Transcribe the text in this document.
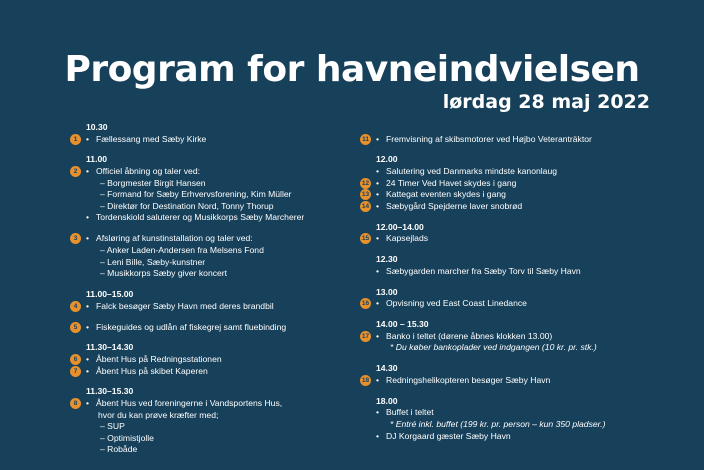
Program for havneindvielsen
lørdag 28 maj 2022
10.30
1	• Fællessang med Sæby Kirke
11.00
2	• Officiel åbning og taler ved:
– Borgmester Birgit Hansen
– Formand for Sæby Erhvervsforening, Kim Müller
– Direktør for Destination Nord, Tonny Thorup
• Tordenskiold saluterer og Musikkorps Sæby Marcherer
3	• Afsløring af kunstinstallation og taler ved:
– Anker Laden-Andersen fra Melsens Fond
– Leni Bille, Sæby-kunstner
– Musikkorps Sæby giver koncert
11.00–15.00
4	• Falck besøger Sæby Havn med deres brandbil
5	• Fiskeguides og udlån af fiskegrej samt fluebinding
11.30–14.30
6	• Åbent Hus på Redningsstationen
7	• Åbent Hus på skibet Kaperen
11.30–15.30
8	• Åbent Hus ved foreningerne i Vandsportens Hus,
hvor du kan prøve kræfter med;
– SUP
– Optimistjolle
– Robåde
11 • Fremvisning af skibsmotorer ved Højbo Veteranträktor
12.00
• Salutering ved Danmarks mindste kanonlaug
12 • 24 Timer Ved Havet skydes i gang
13 • Kattegat eventen skydes i gang
14 • Sæbygård Spejderne laver snobrød
12.00–14.00
15 • Kapsejlads
12.30
• Sæbygarden marcher fra Sæby Torv til Sæby Havn
13.00
16 • Opvisning ved East Coast Linedance
14.00 – 15.30
17 • Banko i teltet (dørene åbnes klokken 13.00)
* Du køber bankoplader ved indgangen (10 kr. pr. stk.)
14.30
18 • Redningshelikopteren besøger Sæby Havn
18.00
• Buffet i teltet
* Entré inkl. buffet (199 kr. pr. person – kun 350 pladser.)
• DJ Korgaard gæster Sæby Havn
